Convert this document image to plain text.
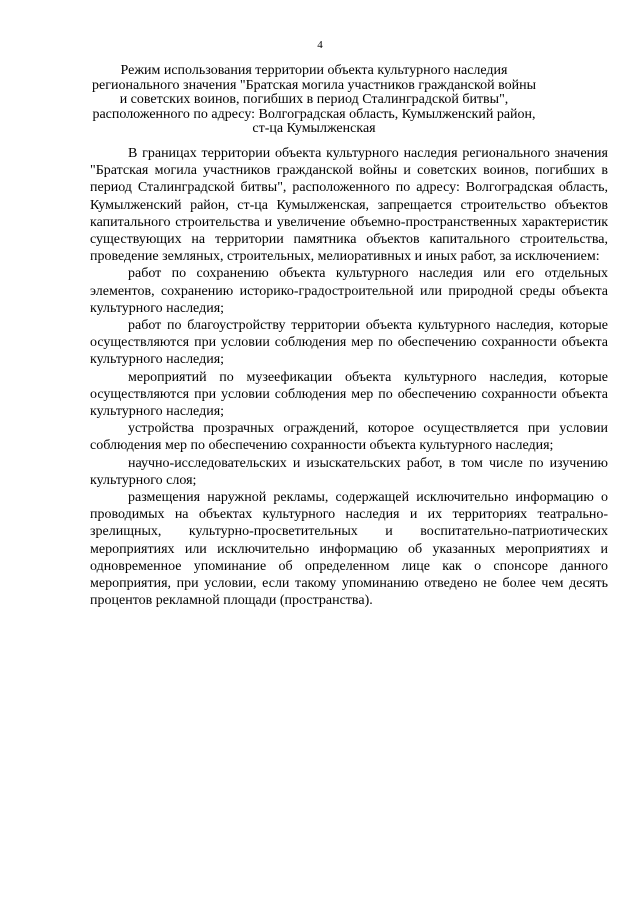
4
Режим использования территории объекта культурного наследия
регионального значения "Братская могила участников гражданской войны
и советских воинов, погибших в период Сталинградской битвы",
расположенного по адресу: Волгоградская область, Кумылженский район,
ст-ца Кумылженская

В границах территории объекта культурного наследия регионального значения "Братская могила участников гражданской войны и советских воинов, погибших в период Сталинградской битвы", расположенного по адресу: Волгоградская область, Кумылженский район, ст-ца Кумылженская, запрещается строительство объектов капитального строительства и увеличение объемно-пространственных характеристик существующих на территории памятника объектов капитального строительства, проведение земляных, строительных, мелиоративных и иных работ, за исключением:

работ по сохранению объекта культурного наследия или его отдельных элементов, сохранению историко-градостроительной или природной среды объекта культурного наследия;

работ по благоустройству территории объекта культурного наследия, которые осуществляются при условии соблюдения мер по обеспечению сохранности объекта культурного наследия;

мероприятий по музеефикации объекта культурного наследия, которые осуществляются при условии соблюдения мер по обеспечению сохранности объекта культурного наследия;

устройства прозрачных ограждений, которое осуществляется при условии соблюдения мер по обеспечению сохранности объекта культурного наследия;

научно-исследовательских и изыскательских работ, в том числе по изучению культурного слоя;

размещения наружной рекламы, содержащей исключительно информацию о проводимых на объектах культурного наследия и их территориях театрально-зрелищных, культурно-просветительных и воспитательно-патриотических мероприятиях или исключительно информацию об указанных мероприятиях и одновременное упоминание об определенном лице как о спонсоре данного мероприятия, при условии, если такому упоминанию отведено не более чем десять процентов рекламной площади (пространства).
